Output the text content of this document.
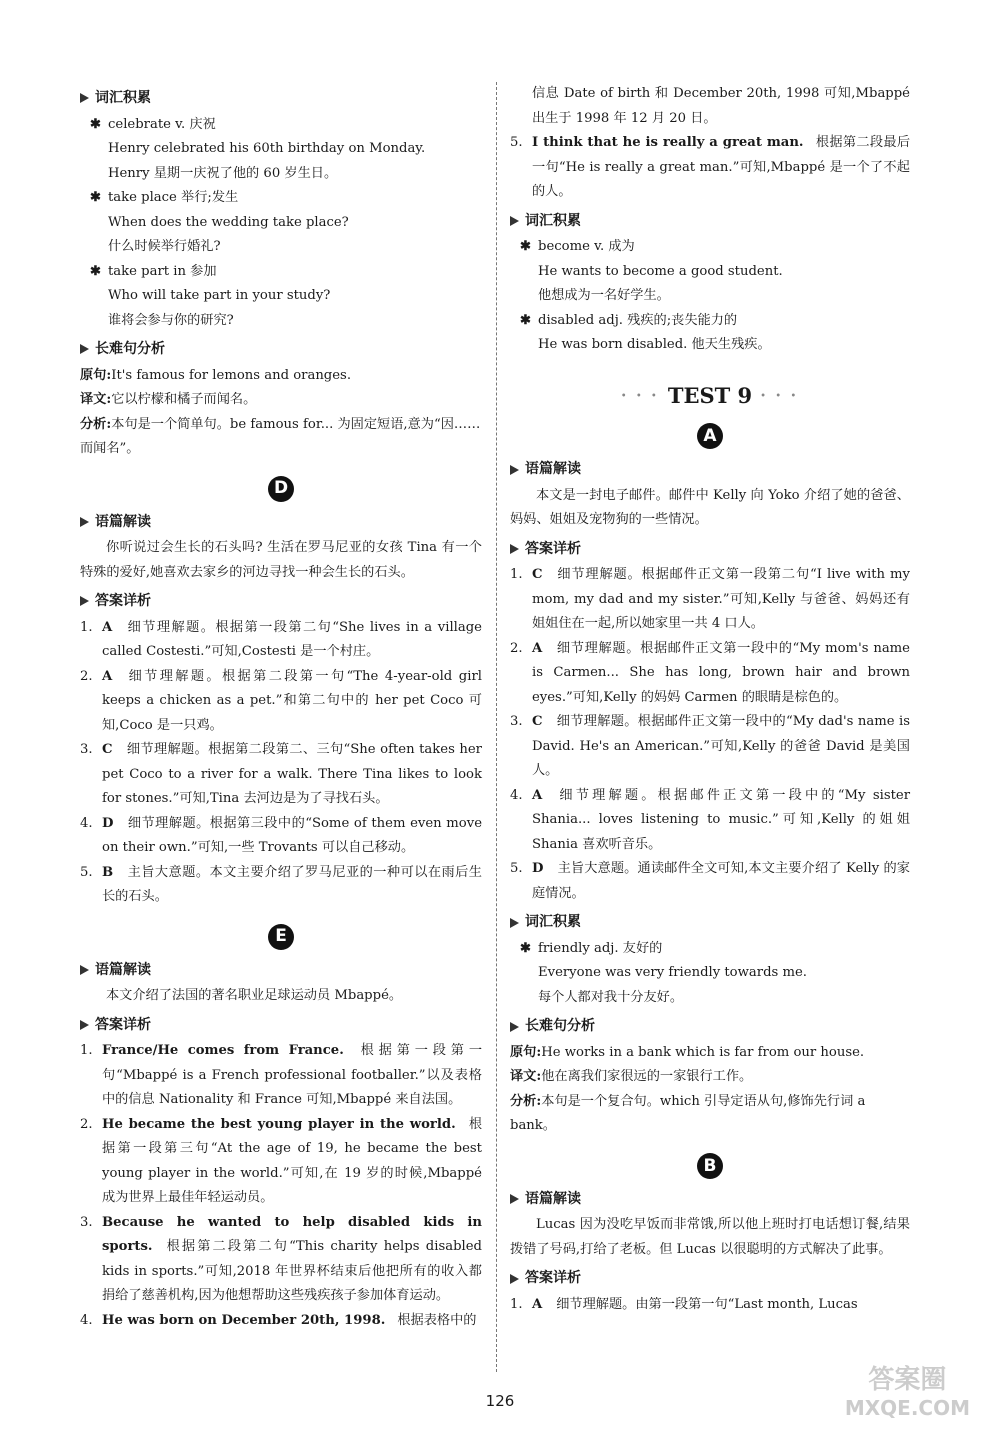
词汇积累
✱ celebrate v. 庆祝
Henry celebrated his 60th birthday on Monday.
Henry 星期一庆祝了他的 60 岁生日。
✱ take place 举行;发生
When does the wedding take place?
什么时候举行婚礼?
✱ take part in 参加
Who will take part in your study?
谁将会参与你的研究?
长难句分析
原句:It's famous for lemons and oranges.
译文:它以柠檬和橘子而闻名。
分析:本句是一个简单句。be famous for... 为固定短语,意为“因……而闻名”。
D
语篇解读
你听说过会生长的石头吗? 生活在罗马尼亚的女孩 Tina 有一个特殊的爱好,她喜欢去家乡的河边寻找一种会生长的石头。
答案详析
1. A 细节理解题。根据第一段第二句“She lives in a village called Costesti.”可知,Costesti 是一个村庄。
2. A 细节理解题。根据第二段第一句“The 4-year-old girl keeps a chicken as a pet.”和第二句中的 her pet Coco 可知,Coco 是一只鸡。
3. C 细节理解题。根据第二段第二、三句“She often takes her pet Coco to a river for a walk. There Tina likes to look for stones.”可知,Tina 去河边是为了寻找石头。
4. D 细节理解题。根据第三段中的“Some of them even move on their own.”可知,一些 Trovants 可以自己移动。
5. B 主旨大意题。本文主要介绍了罗马尼亚的一种可以在雨后生长的石头。
E
语篇解读
本文介绍了法国的著名职业足球运动员 Mbappé。
答案详析
1. France/He comes from France. 根据第一段第一句“Mbappé is a French professional footballer.”以及表格中的信息 Nationality 和 France 可知,Mbappé 来自法国。
2. He became the best young player in the world. 根据第一段第三句“At the age of 19, he became the best young player in the world.”可知,在 19 岁的时候,Mbappé 成为世界上最佳年轻运动员。
3. Because he wanted to help disabled kids in sports. 根据第二段第二句“This charity helps disabled kids in sports.”可知,2018 年世界杯结束后他把所有的收入都捐给了慈善机构,因为他想帮助这些残疾孩子参加体育运动。
4. He was born on December 20th, 1998. 根据表格中的
信息 Date of birth 和 December 20th, 1998 可知,Mbappé 出生于 1998 年 12 月 20 日。
5. I think that he is really a great man. 根据第二段最后一句“He is really a great man.”可知,Mbappé 是一个了不起的人。
词汇积累
✱ become v. 成为
He wants to become a good student.
他想成为一名好学生。
✱ disabled adj. 残疾的;丧失能力的
He was born disabled. 他天生残疾。
• • • TEST 9 • • •
A
语篇解读
本文是一封电子邮件。邮件中 Kelly 向 Yoko 介绍了她的爸爸、妈妈、姐姐及宠物狗的一些情况。
答案详析
1. C 细节理解题。根据邮件正文第一段第二句“I live with my mom, my dad and my sister.”可知,Kelly 与爸爸、妈妈还有姐姐住在一起,所以她家里一共 4 口人。
2. A 细节理解题。根据邮件正文第一段中的“My mom's name is Carmen... She has long, brown hair and brown eyes.”可知,Kelly 的妈妈 Carmen 的眼睛是棕色的。
3. C 细节理解题。根据邮件正文第一段中的“My dad's name is David. He's an American.”可知,Kelly 的爸爸 David 是美国人。
4. A 细节理解题。根据邮件正文第一段中的“My sister Shania... loves listening to music.”可知,Kelly 的姐姐 Shania 喜欢听音乐。
5. D 主旨大意题。通读邮件全文可知,本文主要介绍了 Kelly 的家庭情况。
词汇积累
✱ friendly adj. 友好的
Everyone was very friendly towards me.
每个人都对我十分友好。
长难句分析
原句:He works in a bank which is far from our house.
译文:他在离我们家很远的一家银行工作。
分析:本句是一个复合句。which 引导定语从句,修饰先行词 a bank。
B
语篇解读
Lucas 因为没吃早饭而非常饿,所以他上班时打电话想订餐,结果拨错了号码,打给了老板。但 Lucas 以很聪明的方式解决了此事。
答案详析
1. A 细节理解题。由第一段第一句“Last month, Lucas
126
答案圈
MXQE.COM
